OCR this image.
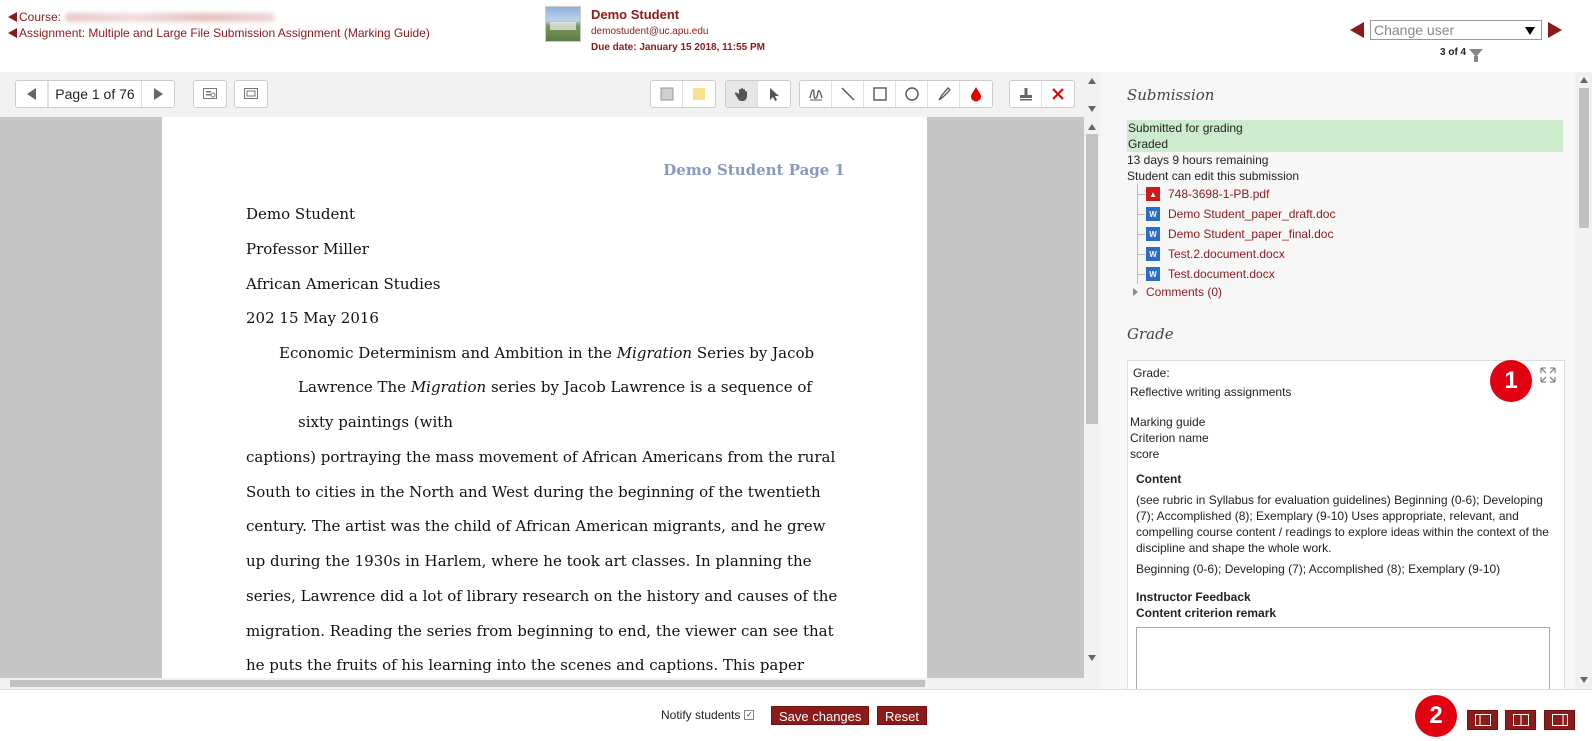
Course:
Assignment: Multiple and Large File Submission Assignment (Marking Guide)
Demo Student
demostudent@uc.apu.edu
Due date: January 15 2018, 11:55 PM
Change user
3 of 4
Page 1 of 76
Demo Student Page 1
Demo Student
Professor Miller
African American Studies
202 15 May 2016
Economic Determinism and Ambition in the Migration Series by Jacob
Lawrence The Migration series by Jacob Lawrence is a sequence of
sixty paintings (with
captions) portraying the mass movement of African Americans from the rural
South to cities in the North and West during the beginning of the twentieth
century. The artist was the child of African American migrants, and he grew
up during the 1930s in Harlem, where he took art classes. In planning the
series, Lawrence did a lot of library research on the history and causes of the
migration. Reading the series from beginning to end, the viewer can see that
he puts the fruits of his learning into the scenes and captions. This paper
Submission
Submitted for grading
Graded
13 days 9 hours remaining
Student can edit this submission
▲ 748-3698-1-PB.pdf
W Demo Student_paper_draft.doc
W Demo Student_paper_final.doc
W Test.2.document.docx
W Test.document.docx
Comments (0)
Grade
Grade:
Reflective writing assignments
Marking guide
Criterion name
score
Content
(see rubric in Syllabus for evaluation guidelines) Beginning (0-6); Developing (7); Accomplished (8); Exemplary (9-10) Uses appropriate, relevant, and compelling course content / readings to explore ideas within the context of the discipline and shape the whole work.
Beginning (0-6); Developing (7); Accomplished (8); Exemplary (9-10)
Instructor Feedback
Content criterion remark
Notify students ✓	Save changes	Reset
1
2
